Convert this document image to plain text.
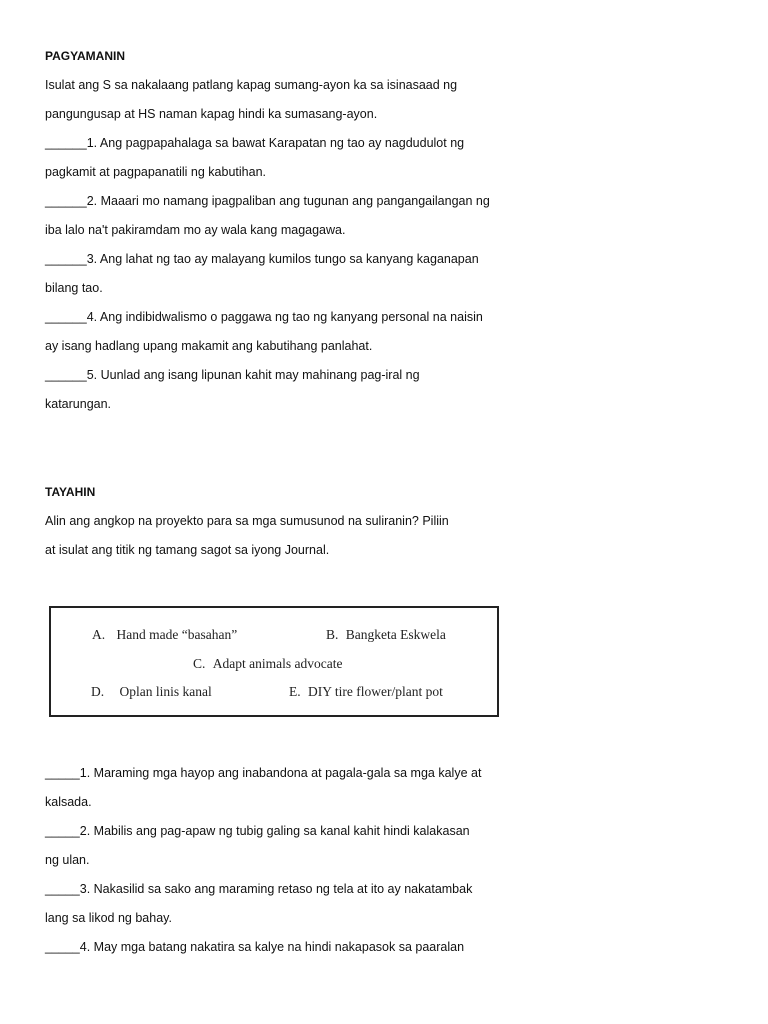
PAGYAMANIN
Isulat ang S sa nakalaang patlang kapag sumang-ayon ka sa isinasaad ng
pangungusap at HS naman kapag hindi ka sumasang-ayon.
______1. Ang pagpapahalaga sa bawat Karapatan ng tao ay nagdudulot ng
pagkamit at pagpapanatili ng kabutihan.
______2. Maaari mo namang ipagpaliban ang tugunan ang pangangailangan ng
iba lalo na't pakiramdam mo ay wala kang magagawa.
______3. Ang lahat ng tao ay malayang kumilos tungo sa kanyang kaganapan
bilang tao.
______4. Ang indibidwalismo o paggawa ng tao ng kanyang personal na naisin
ay isang hadlang upang makamit ang kabutihang panlahat.
______5. Uunlad ang isang lipunan kahit may mahinang pag-iral ng
katarungan.
TAYAHIN
Alin ang angkop na proyekto para sa mga sumusunod na suliranin? Piliin
at isulat ang titik ng tamang sagot sa iyong Journal.
A. Hand made “basahan”	B. Bangketa Eskwela
C. Adapt animals advocate
D. Oplan linis kanal	E. DIY tire flower/plant pot
_____1. Maraming mga hayop ang inabandona at pagala-gala sa mga kalye at
kalsada.
_____2. Mabilis ang pag-apaw ng tubig galing sa kanal kahit hindi kalakasan
ng ulan.
_____3. Nakasilid sa sako ang maraming retaso ng tela at ito ay nakatambak
lang sa likod ng bahay.
_____4. May mga batang nakatira sa kalye na hindi nakapasok sa paaralan
